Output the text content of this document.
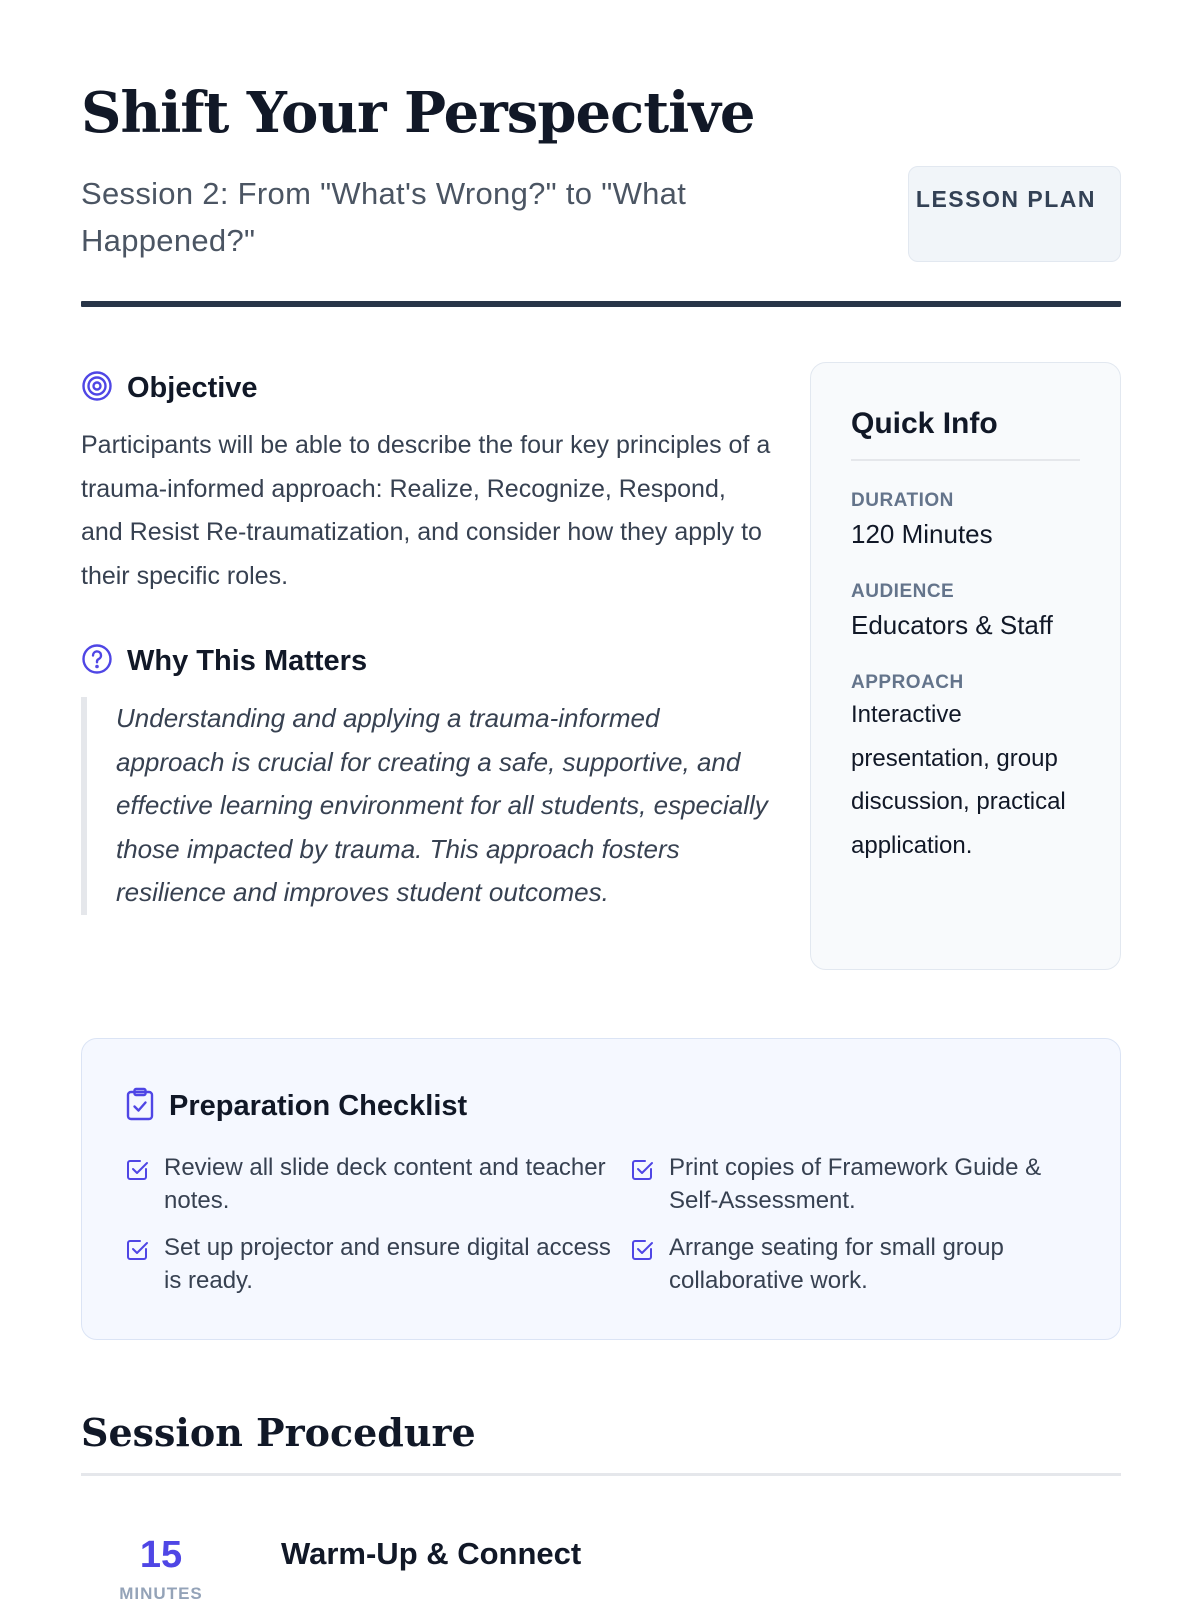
Shift Your Perspective
Session 2: From "What's Wrong?" to "What Happened?"
LESSON PLAN
Objective

Participants will be able to describe the four key principles of a trauma-informed approach: Realize, Recognize, Respond, and Resist Re-traumatization, and consider how they apply to their specific roles.

Why This Matters
Understanding and applying a trauma-informed approach is crucial for creating a safe, supportive, and effective learning environment for all students, especially those impacted by trauma. This approach fosters resilience and improves student outcomes.
Quick Info
DURATION
120 Minutes
AUDIENCE
Educators & Staff
APPROACH
Interactive presentation, group discussion, practical application.
Preparation Checklist
Review all slide deck content and teacher notes.
Print copies of Framework Guide & Self-Assessment.
Set up projector and ensure digital access is ready.
Arrange seating for small group collaborative work.
Session Procedure
15
MINUTES
Warm-Up & Connect
